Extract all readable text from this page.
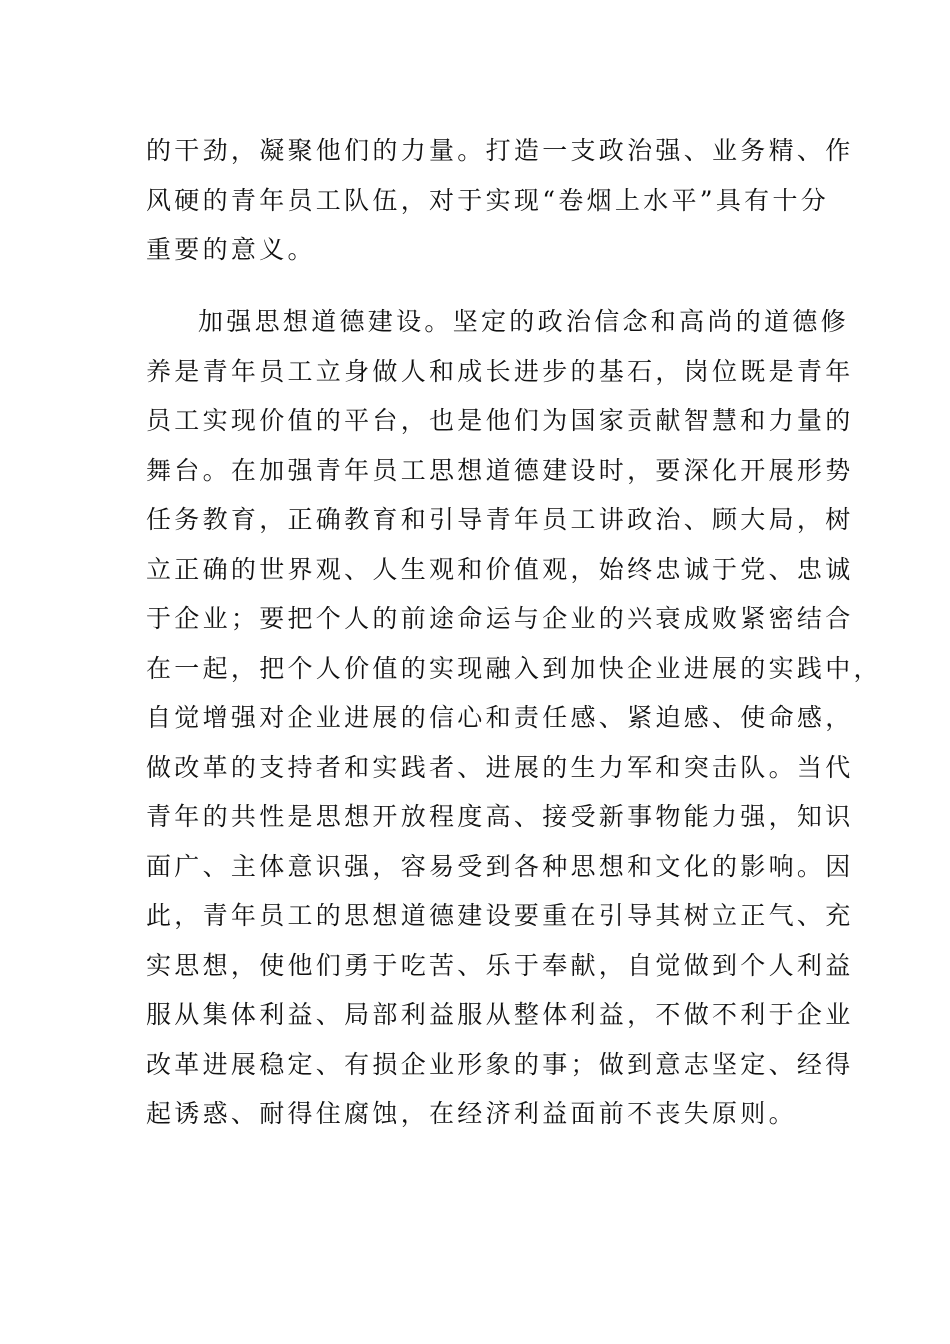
的干劲，凝聚他们的力量。打造一支政治强、业务精、作
风硬的青年员工队伍，对于实现“卷烟上水平”具有十分
重要的意义。
加强思想道德建设。坚定的政治信念和高尚的道德修
养是青年员工立身做人和成长进步的基石，岗位既是青年
员工实现价值的平台，也是他们为国家贡献智慧和力量的
舞台。在加强青年员工思想道德建设时，要深化开展形势
任务教育，正确教育和引导青年员工讲政治、顾大局，树
立正确的世界观、人生观和价值观，始终忠诚于党、忠诚
于企业；要把个人的前途命运与企业的兴衰成败紧密结合
在一起，把个人价值的实现融入到加快企业进展的实践中，
自觉增强对企业进展的信心和责任感、紧迫感、使命感，
做改革的支持者和实践者、进展的生力军和突击队。当代
青年的共性是思想开放程度高、接受新事物能力强，知识
面广、主体意识强，容易受到各种思想和文化的影响。因
此，青年员工的思想道德建设要重在引导其树立正气、充
实思想，使他们勇于吃苦、乐于奉献，自觉做到个人利益
服从集体利益、局部利益服从整体利益，不做不利于企业
改革进展稳定、有损企业形象的事；做到意志坚定、经得
起诱惑、耐得住腐蚀，在经济利益面前不丧失原则。
